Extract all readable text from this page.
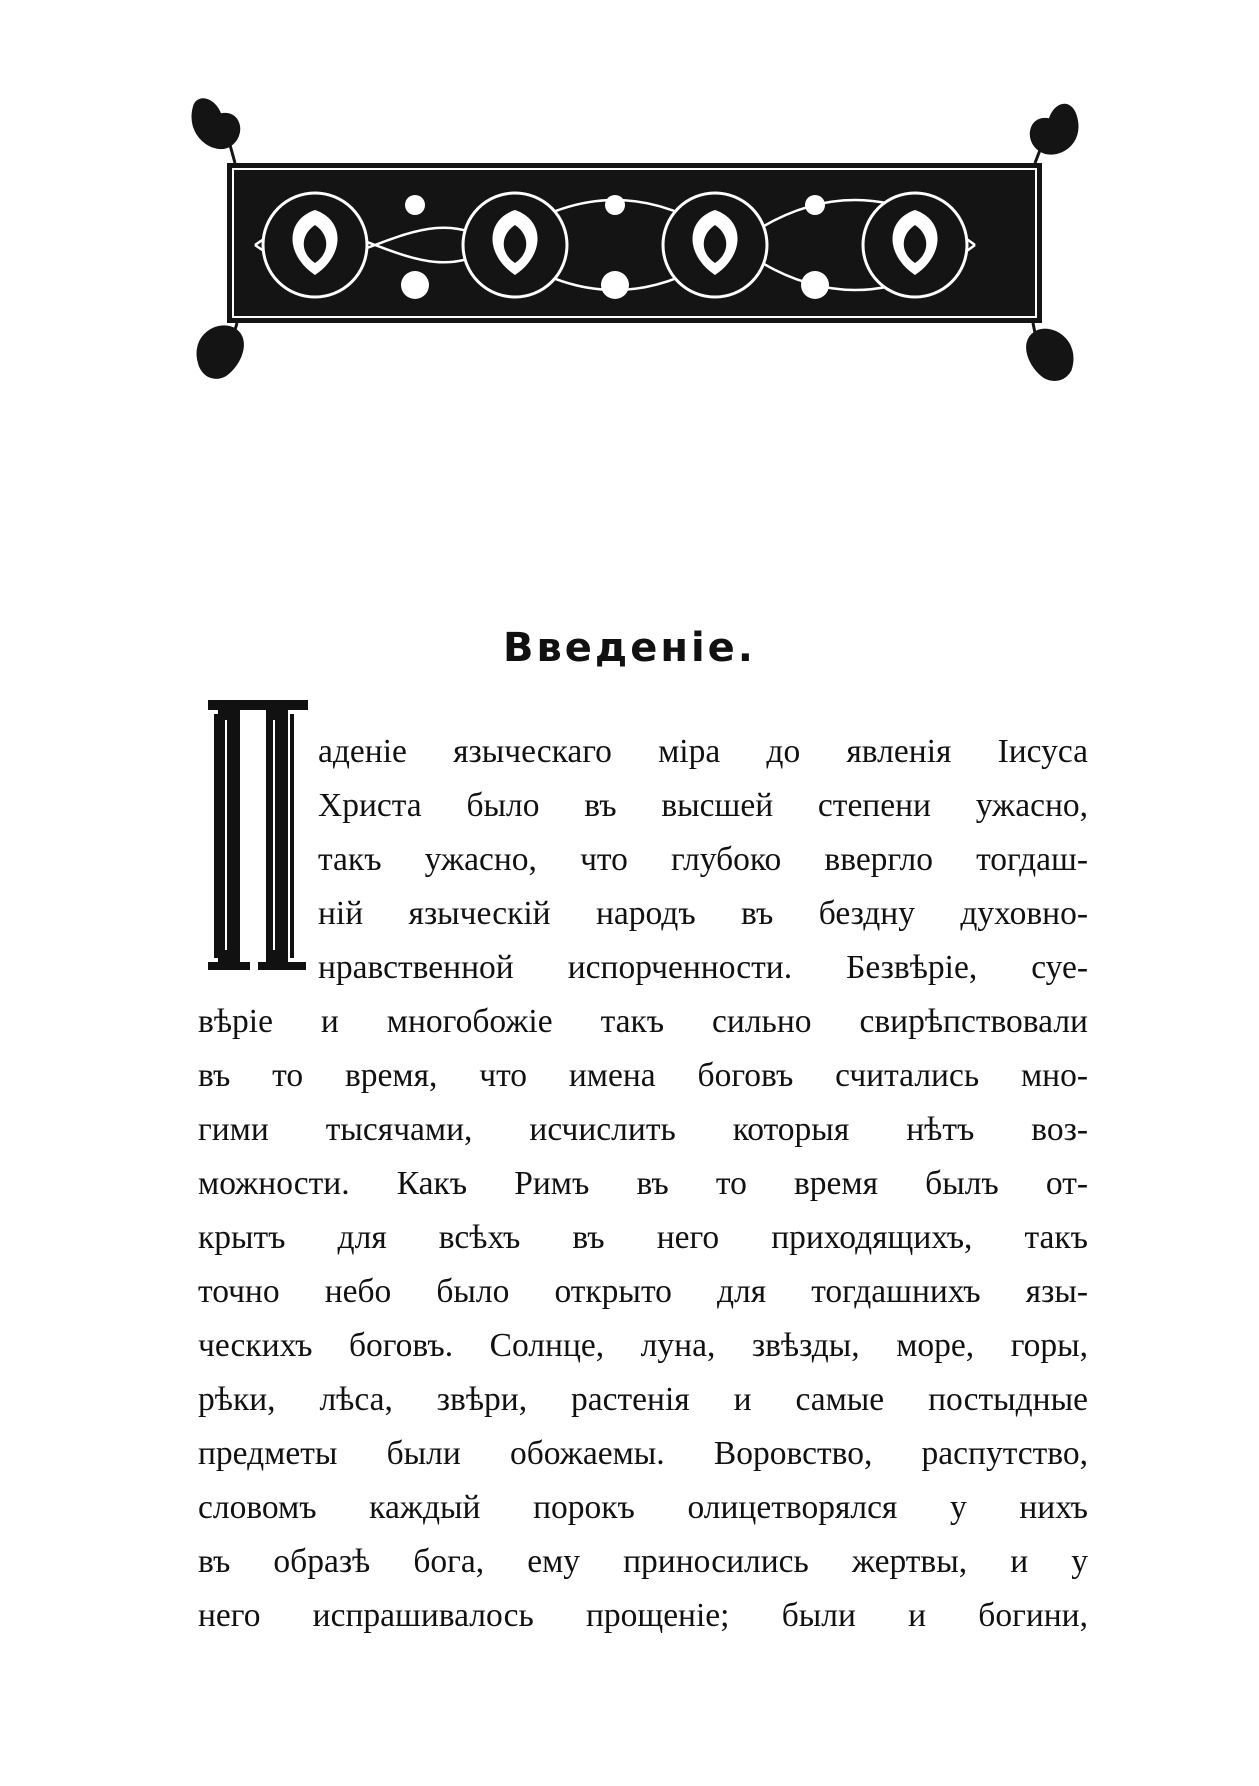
Введеніе.
аденіе языческаго міра до явленія Іисуса
Христа было въ высшей степени ужасно,
такъ ужасно, что глубоко ввергло тогдаш-
ній языческій народъ въ бездну духовно-
нравственной испорченности. Безвѣріе, суе-
вѣріе и многобожіе такъ сильно свирѣпствовали
въ то время, что имена боговъ считались мно-
гими тысячами, исчислить которыя нѣтъ воз-
можности. Какъ Римъ въ то время былъ от-
крытъ для всѣхъ въ него приходящихъ, такъ
точно небо было открыто для тогдашнихъ язы-
ческихъ боговъ. Солнце, луна, звѣзды, море, горы,
рѣки, лѣса, звѣри, растенія и самые постыдные
предметы были обожаемы. Воровство, распутство,
словомъ каждый порокъ олицетворялся у нихъ
въ образѣ бога, ему приносились жертвы, и у
него испрашивалось прощеніе; были и богини,
